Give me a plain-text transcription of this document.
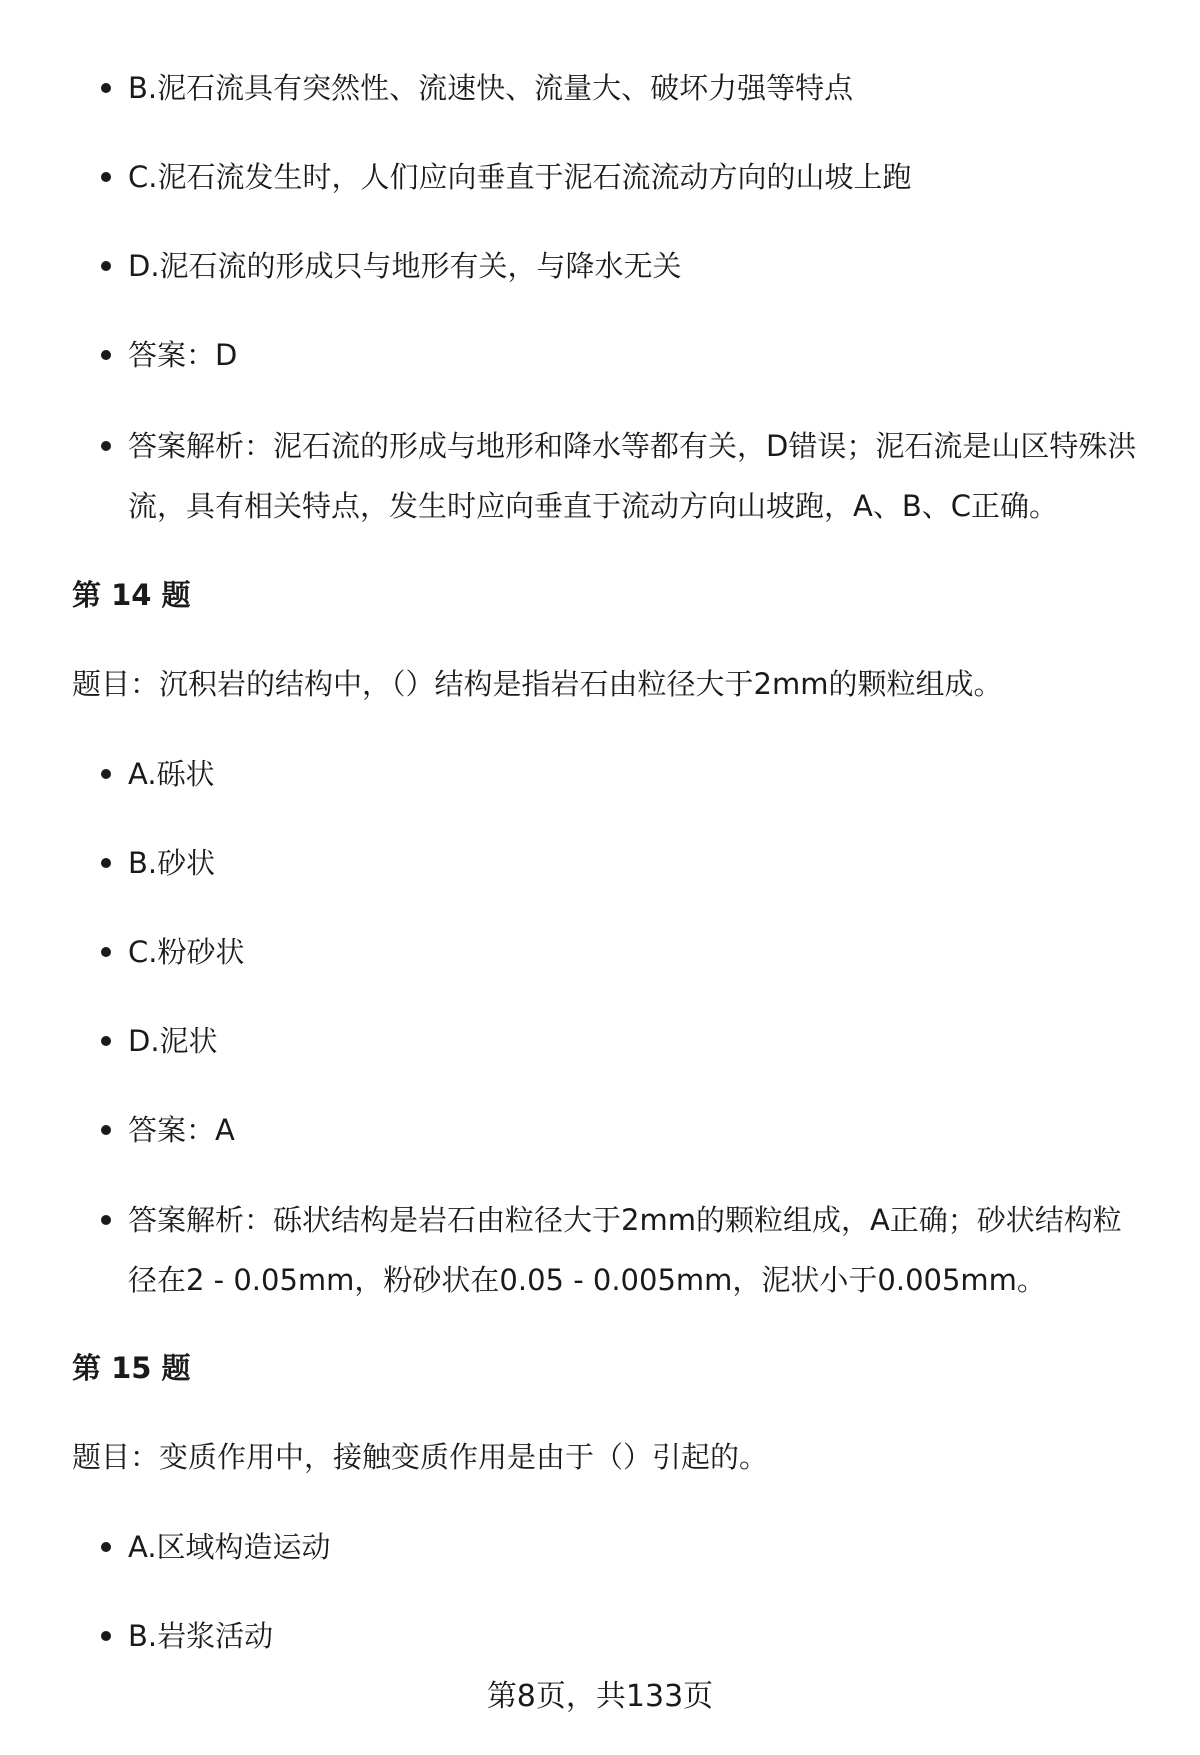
B.泥石流具有突然性、流速快、流量大、破坏力强等特点
C.泥石流发生时，人们应向垂直于泥石流流动方向的山坡上跑
D.泥石流的形成只与地形有关，与降水无关
答案：D
答案解析：泥石流的形成与地形和降水等都有关，D错误；泥石流是山区特殊洪流，具有相关特点，发生时应向垂直于流动方向山坡跑，A、B、C正确。
第 14 题
题目：沉积岩的结构中，（）结构是指岩石由粒径大于2mm的颗粒组成。
A.砾状
B.砂状
C.粉砂状
D.泥状
答案：A
答案解析：砾状结构是岩石由粒径大于2mm的颗粒组成，A正确；砂状结构粒径在2 - 0.05mm，粉砂状在0.05 - 0.005mm，泥状小于0.005mm。
第 15 题
题目：变质作用中，接触变质作用是由于（）引起的。
A.区域构造运动
B.岩浆活动
第8页，共133页
